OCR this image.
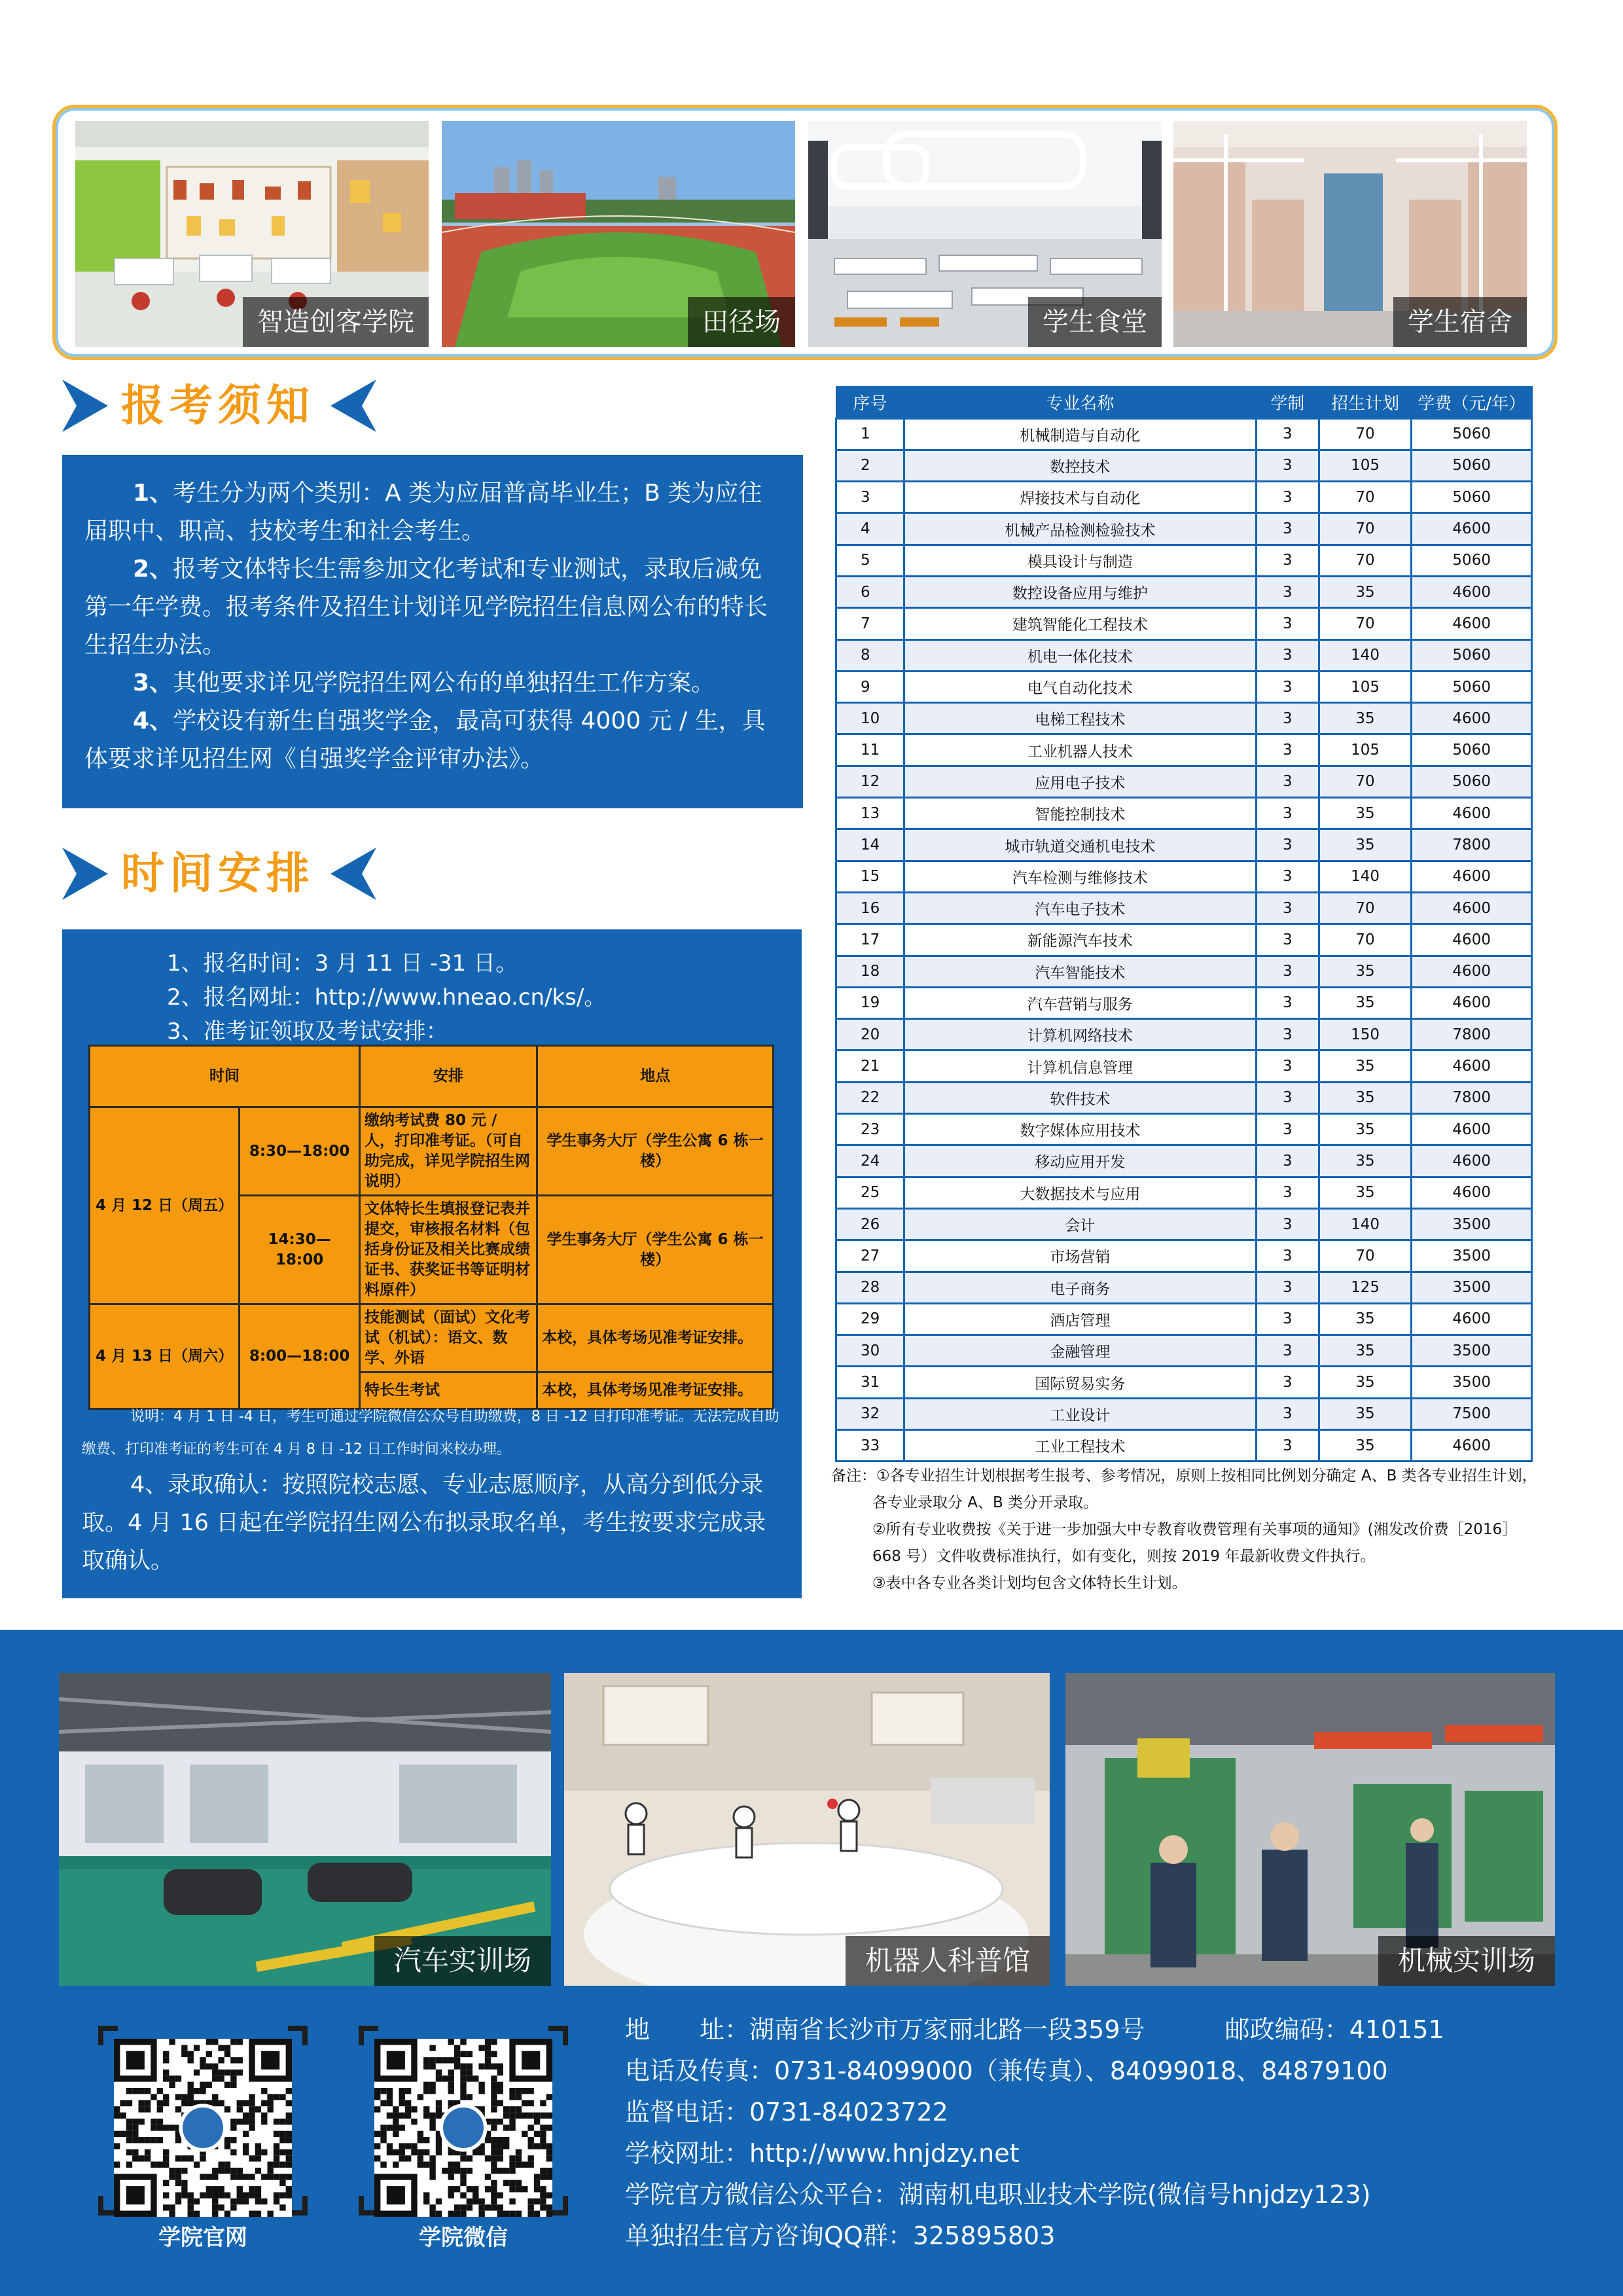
智造创客学院	田径场	学生食堂	学生宿舍
报考须知

1、考生分为两个类别：A 类为应届普高毕业生；B 类为应往届职中、职高、技校考生和社会考生。

2、报考文体特长生需参加文化考试和专业测试，录取后减免第一年学费。报考条件及招生计划详见学院招生信息网公布的特长生招生办法。

3、其他要求详见学院招生网公布的单独招生工作方案。

4、学校设有新生自强奖学金，最高可获得 4000 元 / 生，具体要求详见招生网《自强奖学金评审办法》。

时间安排
1、报名时间：3 月 11 日 -31 日。
2、报名网址：http://www.hneao.cn/ks/。
3、准考证领取及考试安排：
时间		安排	地点
4 月 12 日（周五）	8:30—18:00	缴纳考试费 80 元 / 人，打印准考证。（可自助完成，详见学院招生网说明）	学生事务大厅（学生公寓 6 栋一楼）
	14:30—18:00	文体特长生填报登记表并提交，审核报名材料（包括身份证及相关比赛成绩证书、获奖证书等证明材料原件）	学生事务大厅（学生公寓 6 栋一楼）
4 月 13 日（周六）	8:00—18:00	技能测试（面试）文化考试（机试）：语文、数学、外语	本校，具体考场见准考证安排。
		特长生考试	本校，具体考场见准考证安排。
说明：4 月 1 日 -4 日，考生可通过学院微信公众号自助缴费，8 日 -12 日打印准考证。无法完成自助缴费、打印准考证的考生可在 4 月 8 日 -12 日工作时间来校办理。
4、录取确认：按照院校志愿、专业志愿顺序，从高分到低分录取。4 月 16 日起在学院招生网公布拟录取名单，考生按要求完成录取确认。
序号	专业名称	学制	招生计划	学费（元/年）
1	机械制造与自动化	3	70	5060
2	数控技术	3	105	5060
3	焊接技术与自动化	3	70	5060
4	机械产品检测检验技术	3	70	4600
5	模具设计与制造	3	70	5060
6	数控设备应用与维护	3	35	4600
7	建筑智能化工程技术	3	70	4600
8	机电一体化技术	3	140	5060
9	电气自动化技术	3	105	5060
10	电梯工程技术	3	35	4600
11	工业机器人技术	3	105	5060
12	应用电子技术	3	70	5060
13	智能控制技术	3	35	4600
14	城市轨道交通机电技术	3	35	7800
15	汽车检测与维修技术	3	140	4600
16	汽车电子技术	3	70	4600
17	新能源汽车技术	3	70	4600
18	汽车智能技术	3	35	4600
19	汽车营销与服务	3	35	4600
20	计算机网络技术	3	150	7800
21	计算机信息管理	3	35	4600
22	软件技术	3	35	7800
23	数字媒体应用技术	3	35	4600
24	移动应用开发	3	35	4600
25	大数据技术与应用	3	35	4600
26	会计	3	140	3500
27	市场营销	3	70	3500
28	电子商务	3	125	3500
29	酒店管理	3	35	4600
30	金融管理	3	35	3500
31	国际贸易实务	3	35	3500
32	工业设计	3	35	7500
33	工业工程技术	3	35	4600
备注：①各专业招生计划根据考生报考、参考情况，原则上按相同比例划分确定 A、B 类各专业招生计划，
各专业录取分 A、B 类分开录取。
②所有专业收费按《关于进一步加强大中专教育收费管理有关事项的通知》(湘发改价费［2016］
668 号）文件收费标准执行，如有变化，则按 2019 年最新收费文件执行。
③表中各专业各类计划均包含文体特长生计划。
汽车实训场	机器人科普馆	机械实训场
学院官网	学院微信
地　　址：湖南省长沙市万家丽北路一段359号	邮政编码：410151
电话及传真：0731-84099000（兼传真）、84099018、84879100
监督电话：0731-84023722
学校网址：http://www.hnjdzy.net
学院官方微信公众平台：湖南机电职业技术学院(微信号hnjdzy123)
单独招生官方咨询QQ群：325895803
